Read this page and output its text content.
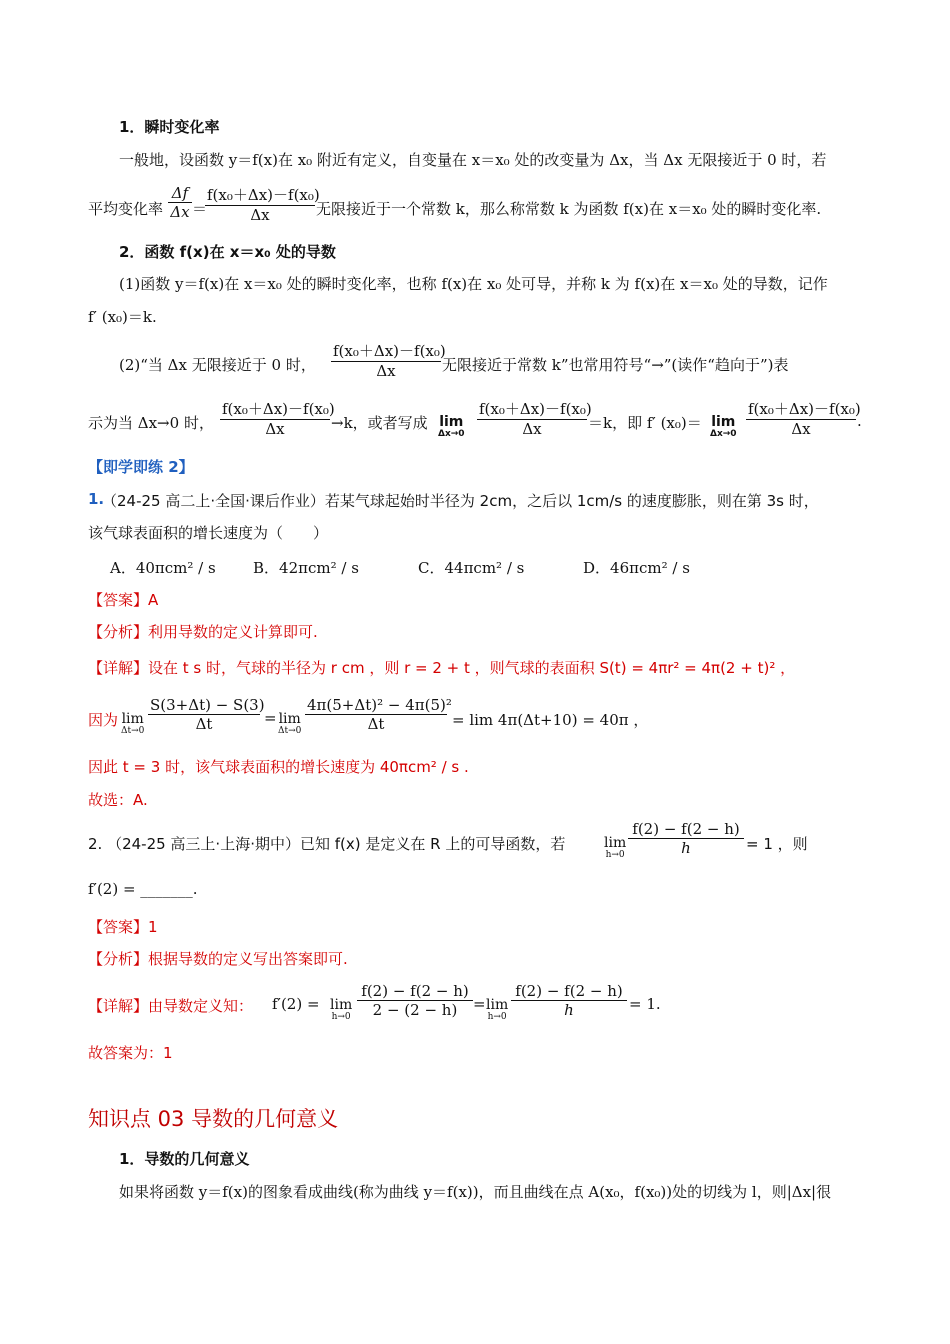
1．瞬时变化率
一般地，设函数 y＝f(x)在 x₀ 附近有定义，自变量在 x＝x₀ 处的改变量为 Δx，当 Δx 无限接近于 0 时，若
平均变化率
Δf
Δx ＝
f(x₀＋Δx)－f(x₀)
Δx	无限接近于一个常数 k，那么称常数 k 为函数 f(x)在 x＝x₀ 处的瞬时变化率.
2．函数 f(x)在 x＝x₀ 处的导数
(1)函数 y＝f(x)在 x＝x₀ 处的瞬时变化率，也称 f(x)在 x₀ 处可导，并称 k 为 f(x)在 x＝x₀ 处的导数，记作
f′ (x₀)＝k.
(2)“当 Δx 无限接近于 0 时，
f(x₀＋Δx)－f(x₀)
Δx	无限接近于常数 k”也常用符号“→”(读作“趋向于”)表
示为当 Δx→0 时，
f(x₀＋Δx)－f(x₀)
Δx	→k，或者写成 lim
Δx→0
f(x₀＋Δx)－f(x₀)
Δx	＝k，即 f′ (x₀)＝ lim
Δx→0
f(x₀＋Δx)－f(x₀)
Δx	.
【即学即练 2】
1.
（24-25 高二上·全国·课后作业）若某气球起始时半径为 2cm，之后以 1cm/s 的速度膨胀，则在第 3s 时，
该气球表面积的增长速度为（　　）
A．40πcm² / s B．42πcm² / s	C．44πcm² / s	D．46πcm² / s
【答案】A
【分析】利用导数的定义计算即可.
【详解】设在 t s 时，气球的半径为 r cm ，则 r = 2 + t ，则气球的表面积 S(t) = 4πr² = 4π(2 + t)² ，
因为 lim
Δt→0
S(3+Δt) − S(3)
Δt	= lim
Δt→0
4π(5+Δt)² − 4π(5)²
Δt	= lim 4π(Δt+10) = 40π ，
因此 t = 3 时，该气球表面积的增长速度为 40πcm² / s .
故选：A.
2. （24-25 高三上·上海·期中）已知 f(x) 是定义在 R 上的可导函数，若	lim
h→0
f(2) − f(2 − h)
h	= 1 ，则
f′(2) = _______.
【答案】1
【分析】根据导数的定义写出答案即可.
【详解】由导数定义知： f′(2) = lim
h→0
f(2) − f(2 − h)
2 − (2 − h)	= lim
h→0
f(2) − f(2 − h)
h	= 1.
故答案为：1
知识点 03 导数的几何意义
1．导数的几何意义
如果将函数 y＝f(x)的图象看成曲线(称为曲线 y＝f(x))，而且曲线在点 A(x₀，f(x₀))处的切线为 l，则|Δx|很
